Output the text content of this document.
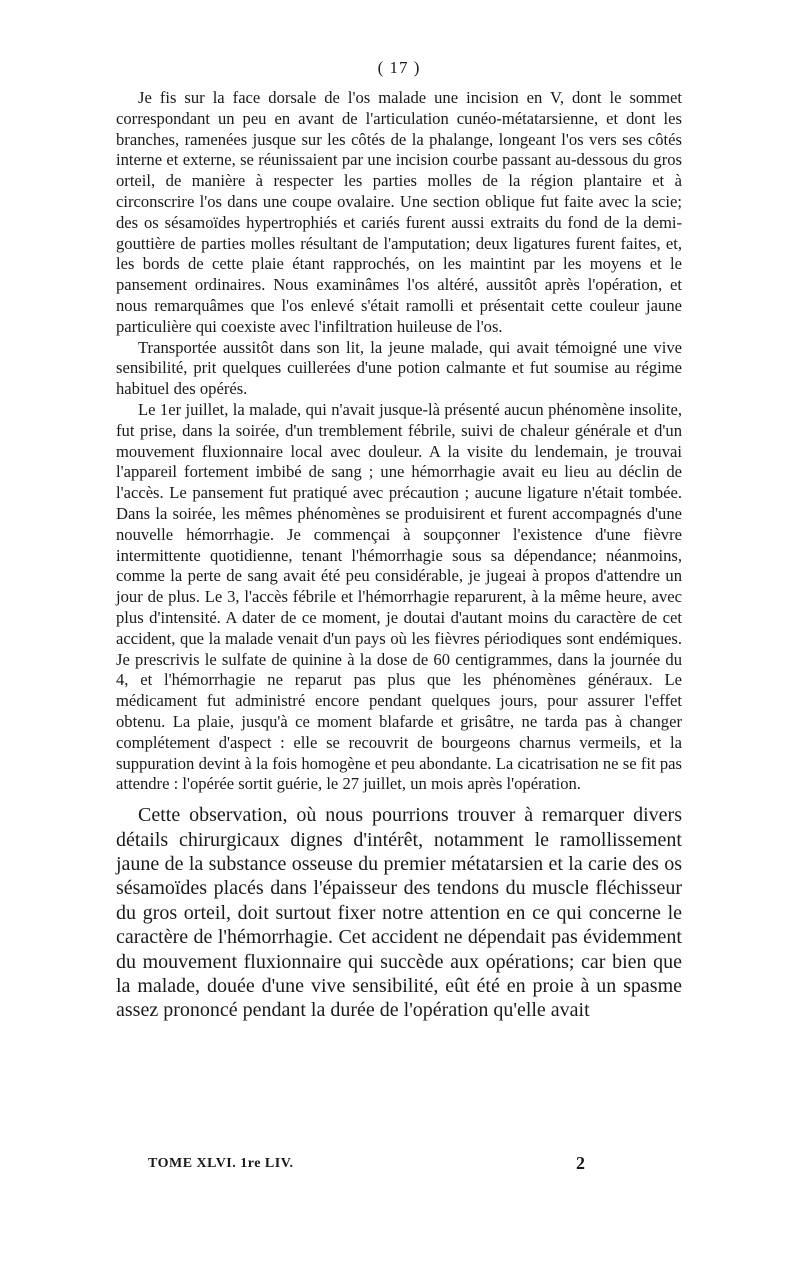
( 17 )

Je fis sur la face dorsale de l'os malade une incision en V, dont le sommet correspondant un peu en avant de l'articulation cunéo-métatarsienne, et dont les branches, ramenées jusque sur les côtés de la phalange, longeant l'os vers ses côtés interne et externe, se réunissaient par une incision courbe passant au-dessous du gros orteil, de manière à respecter les parties molles de la région plantaire et à circonscrire l'os dans une coupe ovalaire. Une section oblique fut faite avec la scie; des os sésamoïdes hypertrophiés et cariés furent aussi extraits du fond de la demi-gouttière de parties molles résultant de l'amputation; deux ligatures furent faites, et, les bords de cette plaie étant rapprochés, on les maintint par les moyens et le pansement ordinaires. Nous examinâmes l'os altéré, aussitôt après l'opération, et nous remarquâmes que l'os enlevé s'était ramolli et présentait cette couleur jaune particulière qui coexiste avec l'infiltration huileuse de l'os.

Transportée aussitôt dans son lit, la jeune malade, qui avait témoigné une vive sensibilité, prit quelques cuillerées d'une potion calmante et fut soumise au régime habituel des opérés.

Le 1er juillet, la malade, qui n'avait jusque-là présenté aucun phénomène insolite, fut prise, dans la soirée, d'un tremblement fébrile, suivi de chaleur générale et d'un mouvement fluxionnaire local avec douleur. A la visite du lendemain, je trouvai l'appareil fortement imbibé de sang ; une hémorrhagie avait eu lieu au déclin de l'accès. Le pansement fut pratiqué avec précaution ; aucune ligature n'était tombée. Dans la soirée, les mêmes phénomènes se produisirent et furent accompagnés d'une nouvelle hémorrhagie. Je commençai à soupçonner l'existence d'une fièvre intermittente quotidienne, tenant l'hémorrhagie sous sa dépendance; néanmoins, comme la perte de sang avait été peu considérable, je jugeai à propos d'attendre un jour de plus. Le 3, l'accès fébrile et l'hémorrhagie reparurent, à la même heure, avec plus d'intensité. A dater de ce moment, je doutai d'autant moins du caractère de cet accident, que la malade venait d'un pays où les fièvres périodiques sont endémiques. Je prescrivis le sulfate de quinine à la dose de 60 centigrammes, dans la journée du 4, et l'hémorrhagie ne reparut pas plus que les phénomènes généraux. Le médicament fut administré encore pendant quelques jours, pour assurer l'effet obtenu. La plaie, jusqu'à ce moment blafarde et grisâtre, ne tarda pas à changer complétement d'aspect : elle se recouvrit de bourgeons charnus vermeils, et la suppuration devint à la fois homogène et peu abondante. La cicatrisation ne se fit pas attendre : l'opérée sortit guérie, le 27 juillet, un mois après l'opération.

Cette observation, où nous pourrions trouver à remarquer divers détails chirurgicaux dignes d'intérêt, notamment le ramollissement jaune de la substance osseuse du premier métatarsien et la carie des os sésamoïdes placés dans l'épaisseur des tendons du muscle fléchisseur du gros orteil, doit surtout fixer notre attention en ce qui concerne le caractère de l'hémorrhagie. Cet accident ne dépendait pas évidemment du mouvement fluxionnaire qui succède aux opérations; car bien que la malade, douée d'une vive sensibilité, eût été en proie à un spasme assez prononcé pendant la durée de l'opération qu'elle avait

TOME XLVI. 1re LIV.	2
